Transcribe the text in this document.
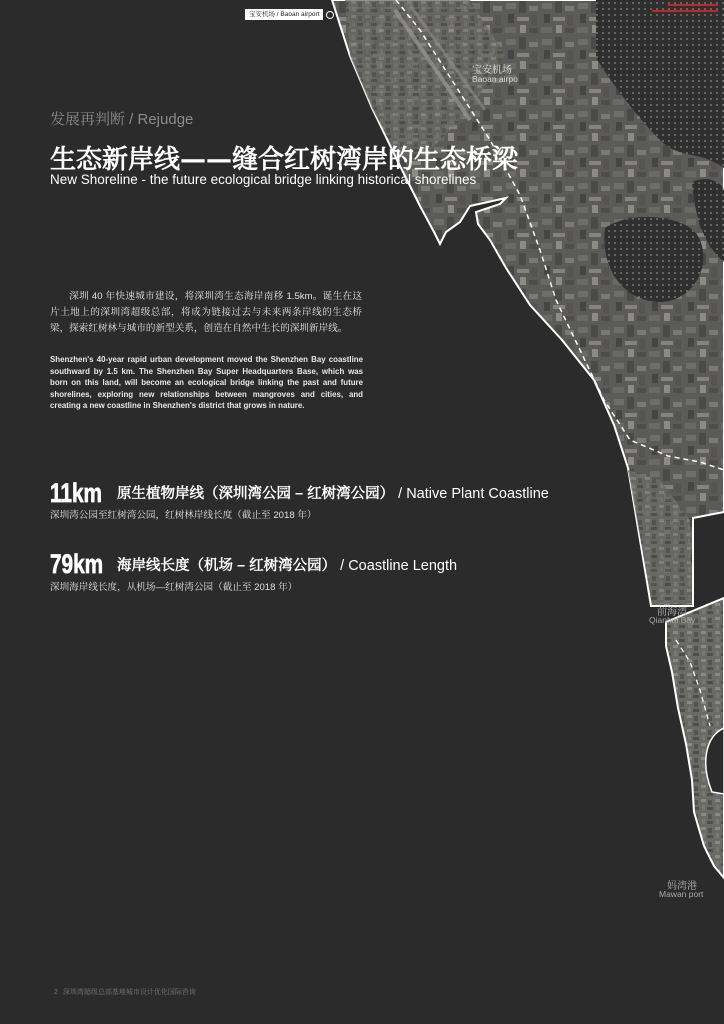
宝安机场 / Baoan airport
宝安机场
Baoan airpo
前海湾
Qianhai Bay
妈湾港
Mawan port
发展再判断 / Rejudge
生态新岸线——缝合红树湾岸的生态桥梁
New Shoreline - the future ecological bridge linking historical shorelines
深圳 40 年快速城市建设，将深圳湾生态海岸南移 1.5km。诞生在这片土地上的深圳湾超级总部，将成为链接过去与未来两条岸线的生态桥梁，探索红树林与城市的新型关系，创造在自然中生长的深圳新岸线。
Shenzhen's 40-year rapid urban development moved the Shenzhen Bay coastline southward by 1.5 km. The Shenzhen Bay Super Headquarters Base, which was born on this land, will become an ecological bridge linking the past and future shorelines, exploring new relationships between mangroves and cities, and creating a new coastline in Shenzhen's district that grows in nature.
11km 原生植物岸线（深圳湾公园 – 红树湾公园） / Native Plant Coastline
深圳湾公园至红树湾公园，红树林岸线长度（截止至 2018 年）
79km 海岸线长度（机场 – 红树湾公园） / Coastline Length
深圳海岸线长度，从机场—红树湾公园（截止至 2018 年）
2 深圳湾超级总部基地城市设计优化国际咨询
